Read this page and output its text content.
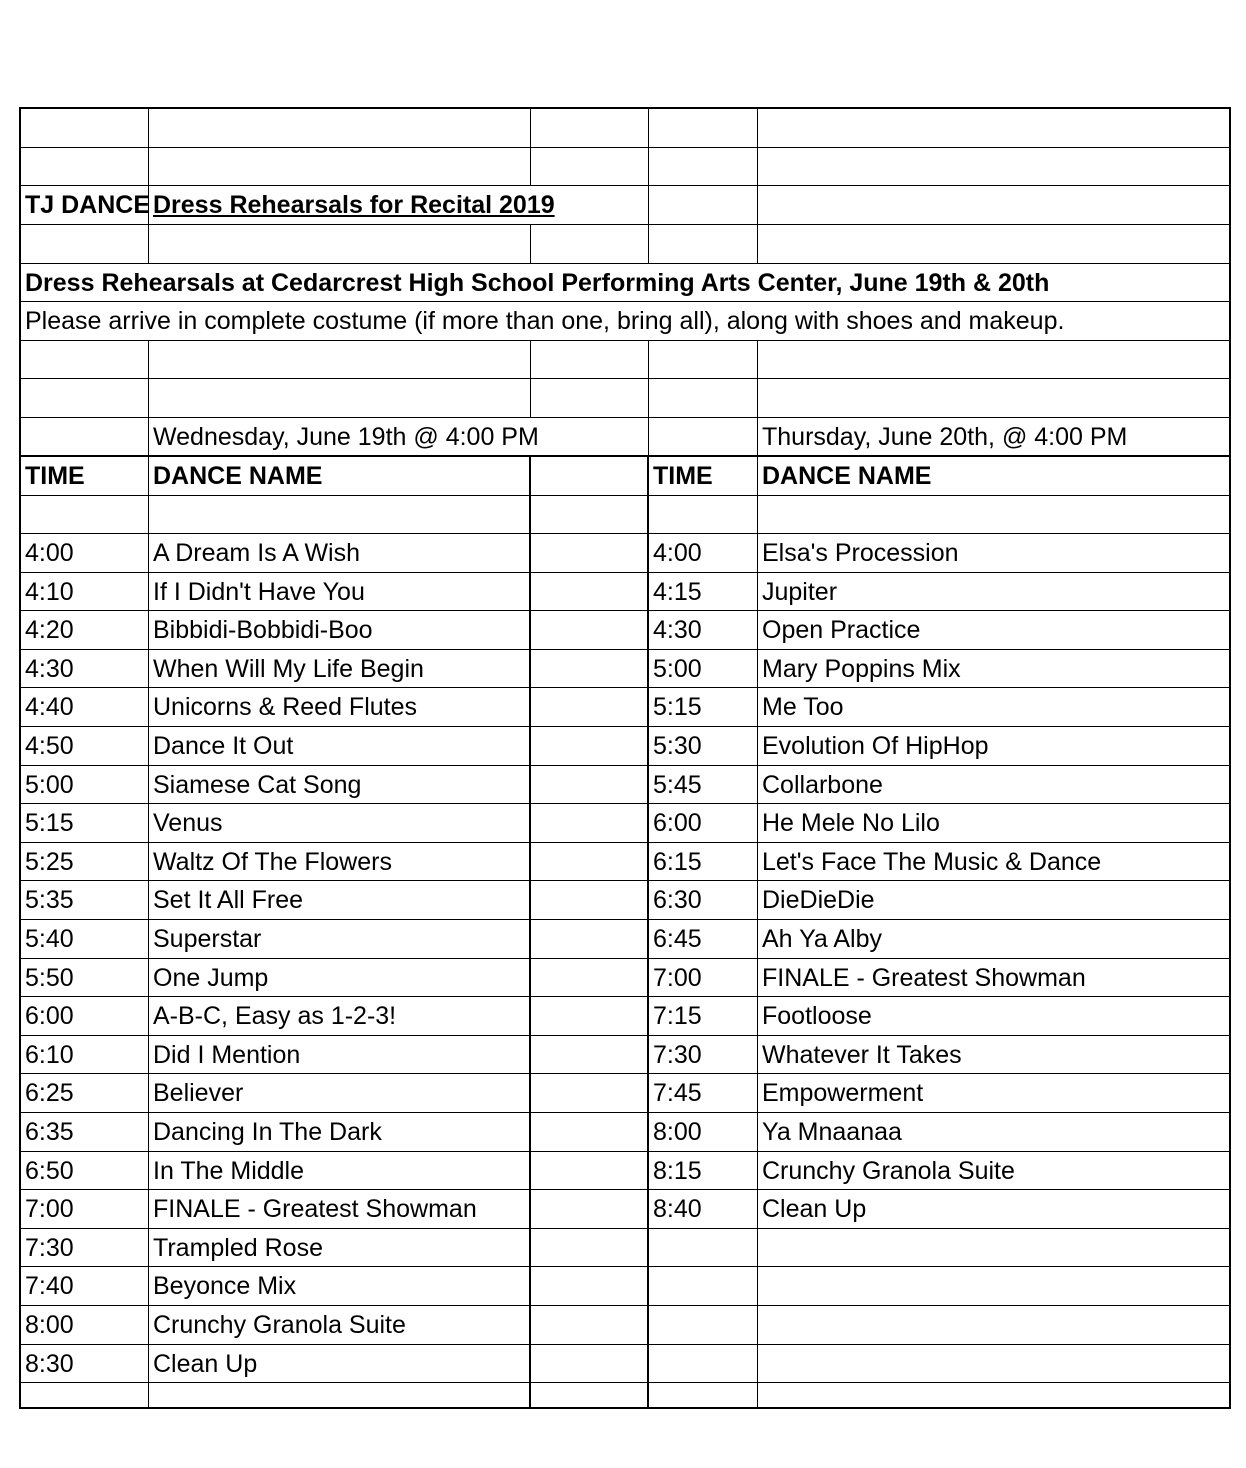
TJ DANCE Dress Rehearsals for Recital 2019
Dress Rehearsals at Cedarcrest High School Performing Arts Center, June 19th & 20th
Please arrive in complete costume (if more than one, bring all), along with shoes and makeup.
Wednesday, June 19th @ 4:00 PM	Thursday, June 20th, @ 4:00 PM
TIME	DANCE NAME	TIME	DANCE NAME
4:00	A Dream Is A Wish	4:00	Elsa's Procession
4:10	If I Didn't Have You	4:15	Jupiter
4:20	Bibbidi-Bobbidi-Boo	4:30	Open Practice
4:30	When Will My Life Begin	5:00	Mary Poppins Mix
4:40	Unicorns & Reed Flutes	5:15	Me Too
4:50	Dance It Out	5:30	Evolution Of HipHop
5:00	Siamese Cat Song	5:45	Collarbone
5:15	Venus	6:00	He Mele No Lilo
5:25	Waltz Of The Flowers	6:15	Let's Face The Music & Dance
5:35	Set It All Free	6:30	DieDieDie
5:40	Superstar	6:45	Ah Ya Alby
5:50	One Jump	7:00	FINALE - Greatest Showman
6:00	A-B-C, Easy as 1-2-3!	7:15	Footloose
6:10	Did I Mention	7:30	Whatever It Takes
6:25	Believer	7:45	Empowerment
6:35	Dancing In The Dark	8:00	Ya Mnaanaa
6:50	In The Middle	8:15	Crunchy Granola Suite
7:00	FINALE - Greatest Showman	8:40	Clean Up
7:30	Trampled Rose
7:40	Beyonce Mix
8:00	Crunchy Granola Suite
8:30	Clean Up
